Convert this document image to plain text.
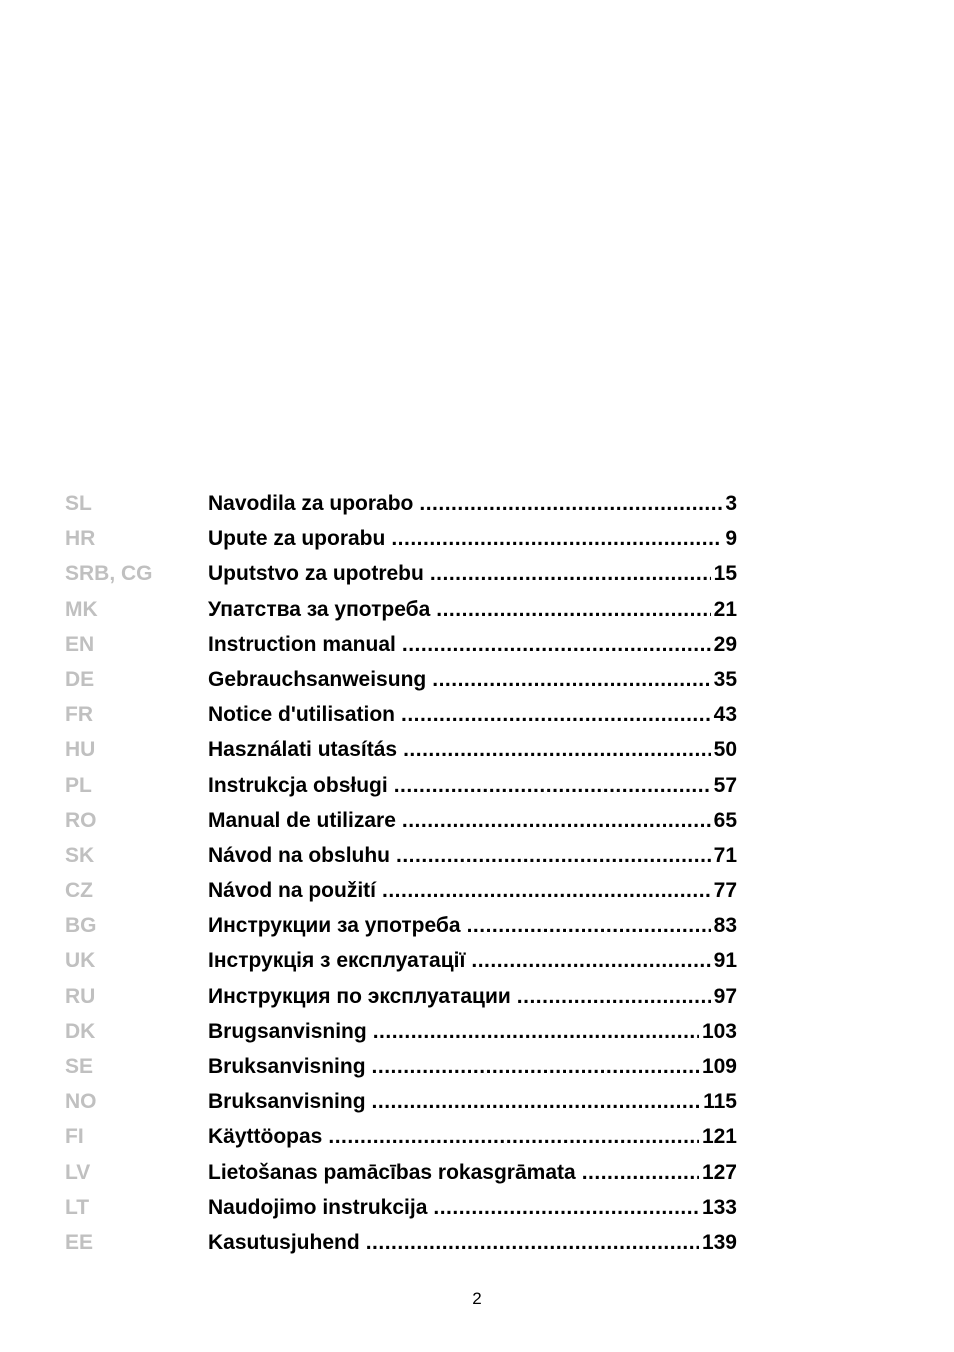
SL	Navodila za uporabo .....	3
HR	Upute za uporabu .....	9
SRB, CG	Uputstvo za upotrebu .....	15
MK	Упатства за употреба .....	21
EN	Instruction manual .....	29
DE	Gebrauchsanweisung .....	35
FR	Notice d'utilisation .....	43
HU	Használati utasítás .....	50
PL	Instrukcja obsługi .....	57
RO	Manual de utilizare .....	65
SK	Návod na obsluhu .....	71
CZ	Návod na použití .....	77
BG	Инструкции за употреба .....	83
UK	Інструкція з експлуатації .....	91
RU	Инструкция по эксплуатации .....	97
DK	Brugsanvisning .....	103
SE	Bruksanvisning .....	109
NO	Bruksanvisning .....	115
FI	Käyttöopas .....	121
LV	Lietošanas pamācības rokasgrāmata .....	127
LT	Naudojimo instrukcija .....	133
EE	Kasutusjuhend .....	139
2
